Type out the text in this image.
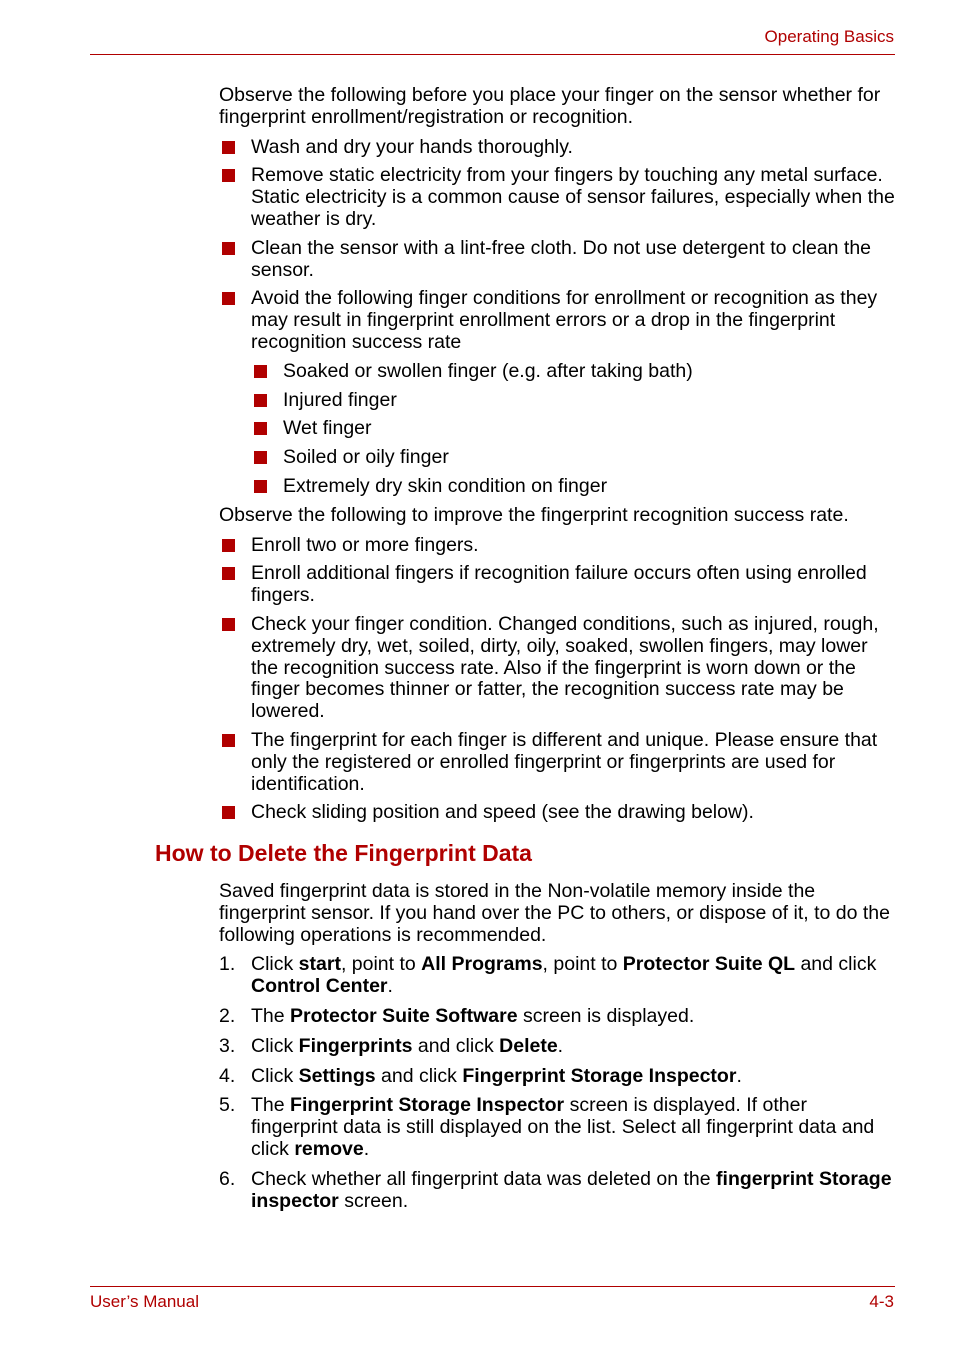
Operating Basics

Observe the following before you place your finger on the sensor whether for fingerprint enrollment/registration or recognition.

Wash and dry your hands thoroughly.
Remove static electricity from your fingers by touching any metal surface. Static electricity is a common cause of sensor failures, especially when the weather is dry.
Clean the sensor with a lint-free cloth. Do not use detergent to clean the sensor.
Avoid the following finger conditions for enrollment or recognition as they may result in fingerprint enrollment errors or a drop in the fingerprint recognition success rate
Soaked or swollen finger (e.g. after taking bath)
Injured finger
Wet finger
Soiled or oily finger
Extremely dry skin condition on finger

Observe the following to improve the fingerprint recognition success rate.

Enroll two or more fingers.
Enroll additional fingers if recognition failure occurs often using enrolled fingers.
Check your finger condition. Changed conditions, such as injured, rough, extremely dry, wet, soiled, dirty, oily, soaked, swollen fingers, may lower the recognition success rate. Also if the fingerprint is worn down or the finger becomes thinner or fatter, the recognition success rate may be lowered.
The fingerprint for each finger is different and unique. Please ensure that only the registered or enrolled fingerprint or fingerprints are used for identification.
Check sliding position and speed (see the drawing below).
How to Delete the Fingerprint Data

Saved fingerprint data is stored in the Non-volatile memory inside the fingerprint sensor. If you hand over the PC to others, or dispose of it, to do the following operations is recommended.

1. Click start, point to All Programs, point to Protector Suite QL and click Control Center.
2. The Protector Suite Software screen is displayed.
3. Click Fingerprints and click Delete.
4. Click Settings and click Fingerprint Storage Inspector.
5. The Fingerprint Storage Inspector screen is displayed. If other fingerprint data is still displayed on the list. Select all fingerprint data and click remove.
6. Check whether all fingerprint data was deleted on the fingerprint Storage inspector screen.
User’s Manual	4-3
